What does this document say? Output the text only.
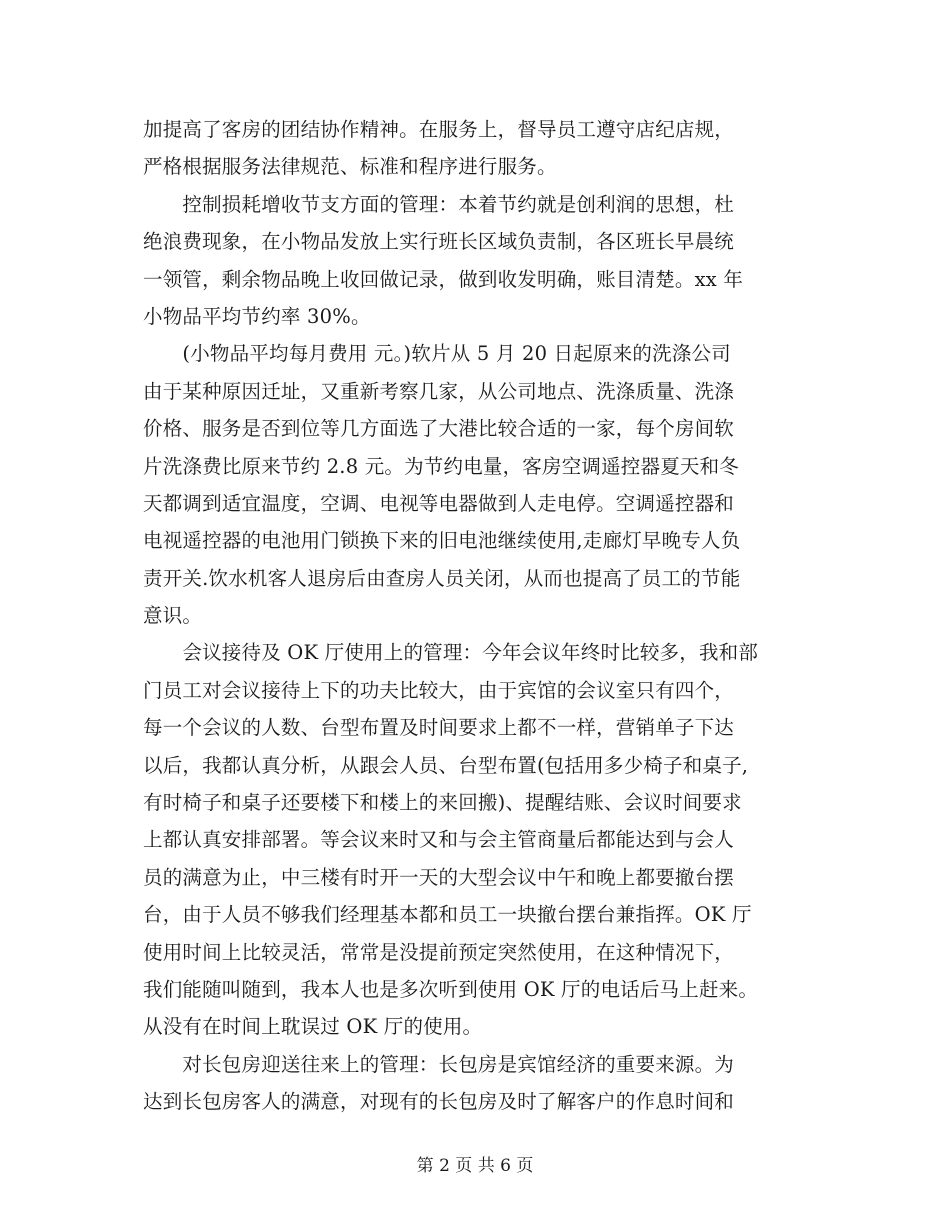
加提高了客房的团结协作精神。在服务上，督导员工遵守店纪店规，
严格根据服务法律规范、标准和程序进行服务。
　　控制损耗增收节支方面的管理：本着节约就是创利润的思想，杜
绝浪费现象，在小物品发放上实行班长区域负责制，各区班长早晨统
一领管，剩余物品晚上收回做记录，做到收发明确，账目清楚。xx 年
小物品平均节约率 30%。
　　(小物品平均每月费用 元。)软片从 5 月 20 日起原来的洗涤公司
由于某种原因迁址，又重新考察几家，从公司地点、洗涤质量、洗涤
价格、服务是否到位等几方面选了大港比较合适的一家，每个房间软
片洗涤费比原来节约 2.8 元。为节约电量，客房空调遥控器夏天和冬
天都调到适宜温度，空调、电视等电器做到人走电停。空调遥控器和
电视遥控器的电池用门锁换下来的旧电池继续使用,走廊灯早晚专人负
责开关.饮水机客人退房后由查房人员关闭，从而也提高了员工的节能
意识。
　　会议接待及 OK 厅使用上的管理：今年会议年终时比较多，我和部
门员工对会议接待上下的功夫比较大，由于宾馆的会议室只有四个，
每一个会议的人数、台型布置及时间要求上都不一样，营销单子下达
以后，我都认真分析，从跟会人员、台型布置(包括用多少椅子和桌子,
有时椅子和桌子还要楼下和楼上的来回搬)、提醒结账、会议时间要求
上都认真安排部署。等会议来时又和与会主管商量后都能达到与会人
员的满意为止，中三楼有时开一天的大型会议中午和晚上都要撤台摆
台，由于人员不够我们经理基本都和员工一块撤台摆台兼指挥。OK 厅
使用时间上比较灵活，常常是没提前预定突然使用，在这种情况下，
我们能随叫随到，我本人也是多次听到使用 OK 厅的电话后马上赶来。
从没有在时间上耽误过 OK 厅的使用。
　　对长包房迎送往来上的管理：长包房是宾馆经济的重要来源。为
达到长包房客人的满意，对现有的长包房及时了解客户的作息时间和
第 2 页 共 6 页
